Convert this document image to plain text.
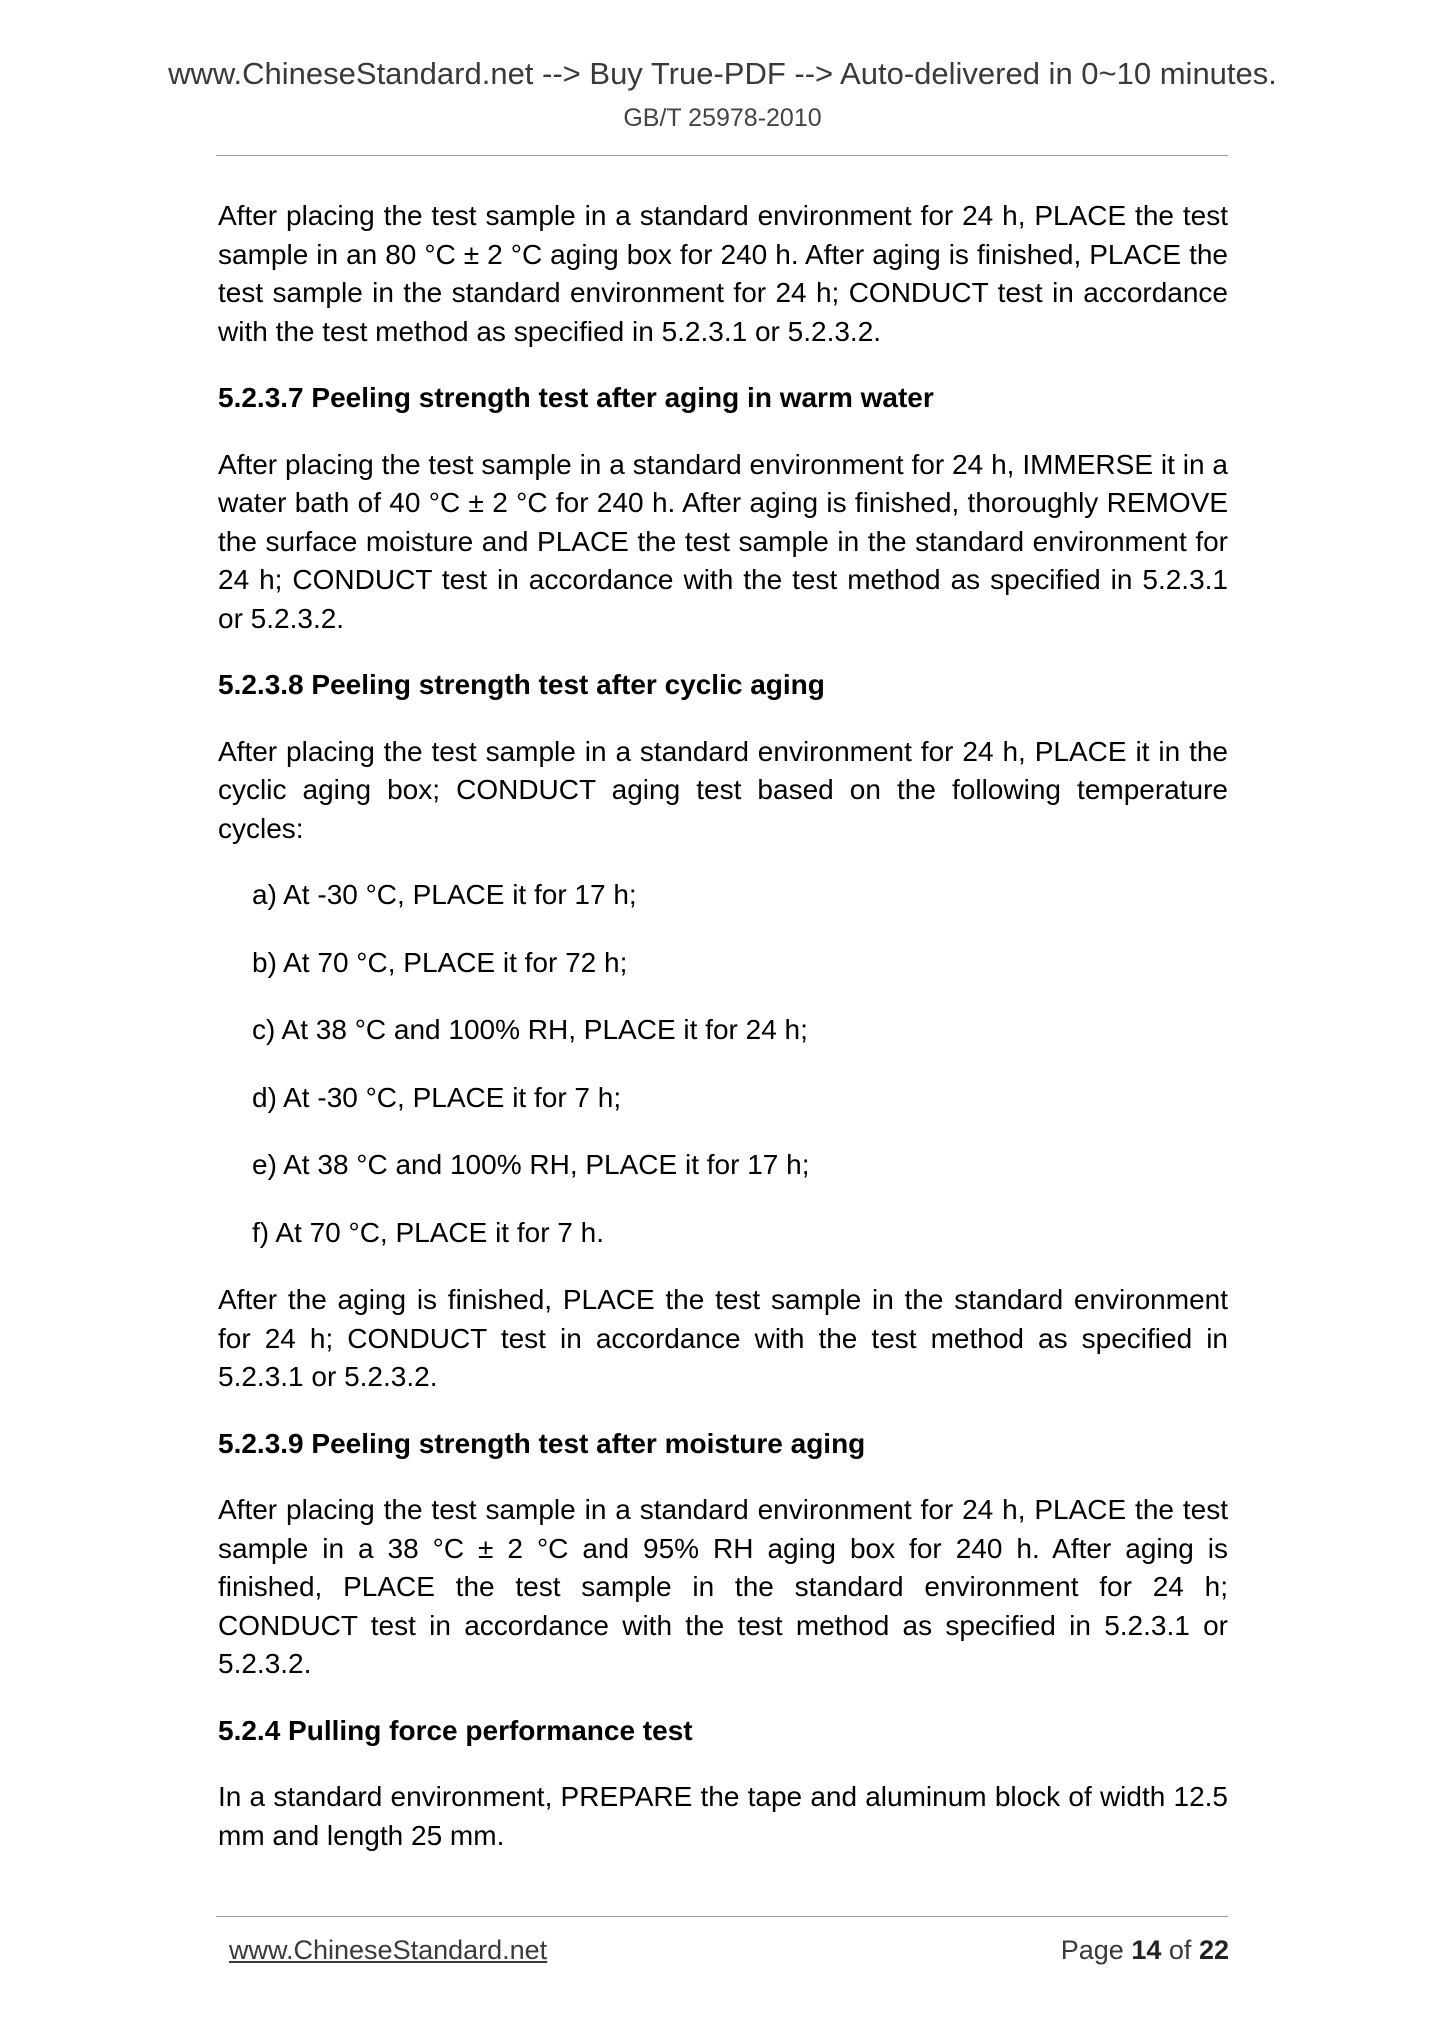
www.ChineseStandard.net --> Buy True-PDF --> Auto-delivered in 0~10 minutes.
GB/T 25978-2010

After placing the test sample in a standard environment for 24 h, PLACE the test sample in an 80 °C ± 2 °C aging box for 240 h. After aging is finished, PLACE the test sample in the standard environment for 24 h; CONDUCT test in accordance with the test method as specified in 5.2.3.1 or 5.2.3.2.

5.2.3.7 Peeling strength test after aging in warm water

After placing the test sample in a standard environment for 24 h, IMMERSE it in a water bath of 40 °C ± 2 °C for 240 h. After aging is finished, thoroughly REMOVE the surface moisture and PLACE the test sample in the standard environment for 24 h; CONDUCT test in accordance with the test method as specified in 5.2.3.1 or 5.2.3.2.

5.2.3.8 Peeling strength test after cyclic aging

After placing the test sample in a standard environment for 24 h, PLACE it in the cyclic aging box; CONDUCT aging test based on the following temperature cycles:

a) At -30 °C, PLACE it for 17 h;
b) At 70 °C, PLACE it for 72 h;
c) At 38 °C and 100% RH, PLACE it for 24 h;
d) At -30 °C, PLACE it for 7 h;
e) At 38 °C and 100% RH, PLACE it for 17 h;
f) At 70 °C, PLACE it for 7 h.

After the aging is finished, PLACE the test sample in the standard environment for 24 h; CONDUCT test in accordance with the test method as specified in 5.2.3.1 or 5.2.3.2.

5.2.3.9 Peeling strength test after moisture aging

After placing the test sample in a standard environment for 24 h, PLACE the test sample in a 38 °C ± 2 °C and 95% RH aging box for 240 h. After aging is finished, PLACE the test sample in the standard environment for 24 h; CONDUCT test in accordance with the test method as specified in 5.2.3.1 or 5.2.3.2.

5.2.4 Pulling force performance test

In a standard environment, PREPARE the tape and aluminum block of width 12.5 mm and length 25 mm.

www.ChineseStandard.net	Page 14 of 22
